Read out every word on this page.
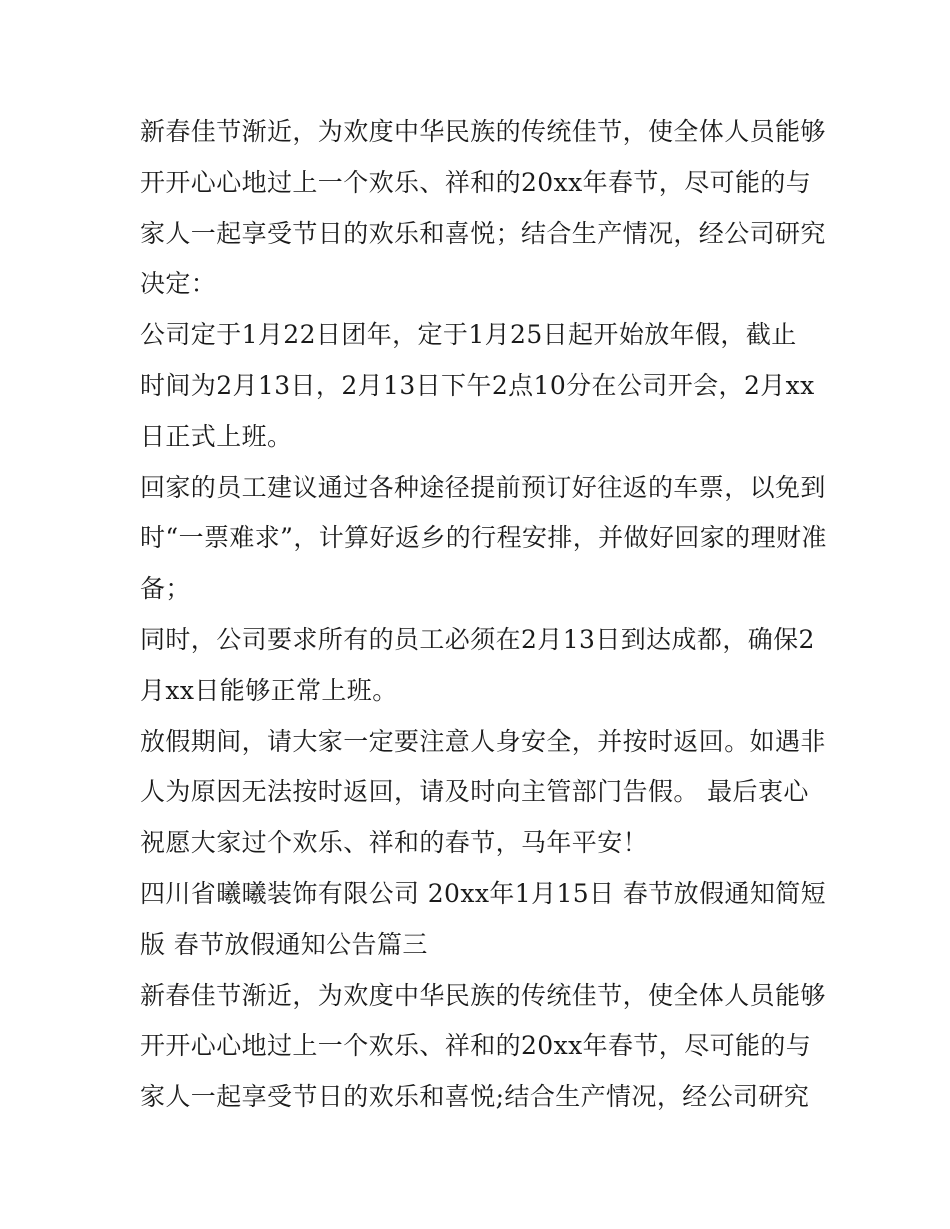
新春佳节渐近，为欢度中华民族的传统佳节，使全体人员能够
开开心心地过上一个欢乐、祥和的20xx年春节，尽可能的与
家人一起享受节日的欢乐和喜悦；结合生产情况，经公司研究
决定：

公司定于1月22日团年，定于1月25日起开始放年假，截止
时间为2月13日，2月13日下午2点10分在公司开会，2月xx
日正式上班。

回家的员工建议通过各种途径提前预订好往返的车票，以免到
时“一票难求”，计算好返乡的行程安排，并做好回家的理财准
备；

同时，公司要求所有的员工必须在2月13日到达成都，确保2
月xx日能够正常上班。

放假期间，请大家一定要注意人身安全，并按时返回。如遇非
人为原因无法按时返回，请及时向主管部门告假。 最后衷心
祝愿大家过个欢乐、祥和的春节，马年平安！

四川省曦曦装饰有限公司 20xx年1月15日 春节放假通知简短
版 春节放假通知公告篇三

新春佳节渐近，为欢度中华民族的传统佳节，使全体人员能够
开开心心地过上一个欢乐、祥和的20xx年春节，尽可能的与
家人一起享受节日的欢乐和喜悦;结合生产情况，经公司研究
